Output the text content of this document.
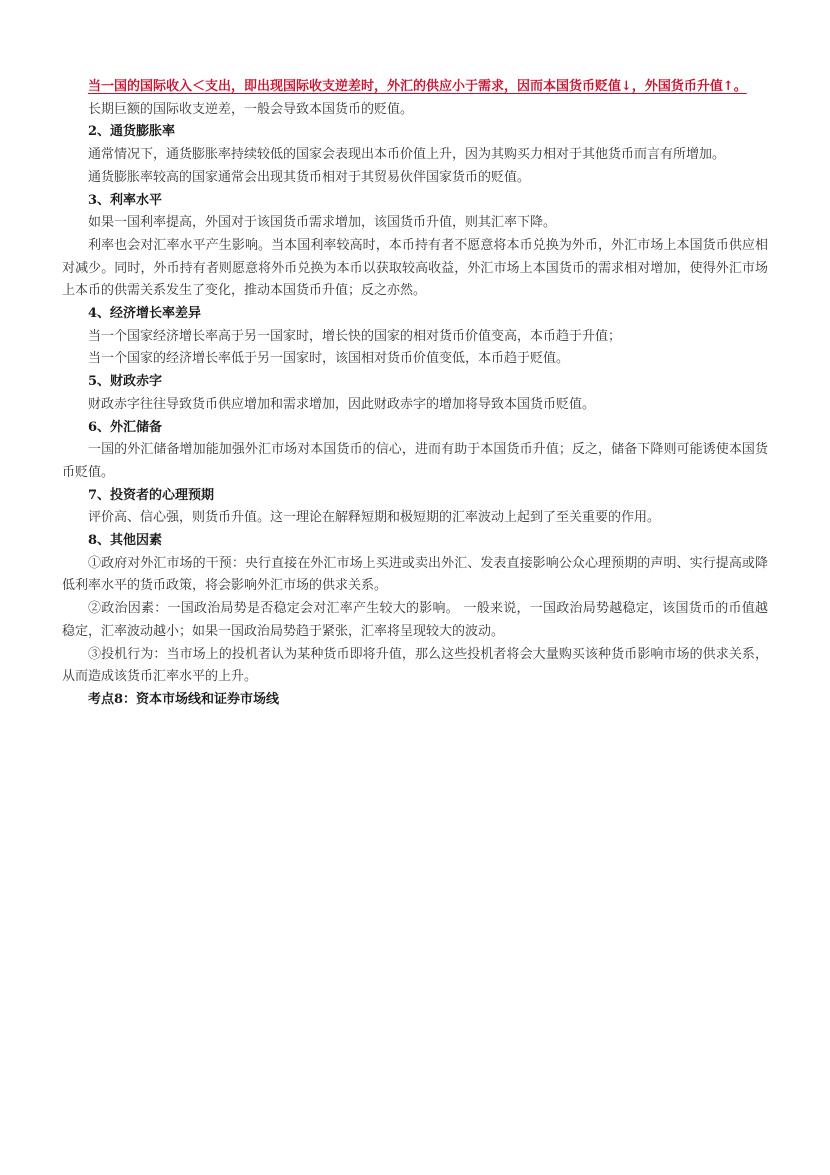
当一国的国际收入＜支出，即出现国际收支逆差时，外汇的供应小于需求，因而本国货币贬值↓，外国货币升值↑。

长期巨额的国际收支逆差，一般会导致本国货币的贬值。

2、通货膨胀率

通常情况下，通货膨胀率持续较低的国家会表现出本币价值上升，因为其购买力相对于其他货币而言有所增加。

通货膨胀率较高的国家通常会出现其货币相对于其贸易伙伴国家货币的贬值。

3、利率水平

如果一国利率提高，外国对于该国货币需求增加，该国货币升值，则其汇率下降。

利率也会对汇率水平产生影响。当本国利率较高时，本币持有者不愿意将本币兑换为外币，外汇市场上本国货币供应相对减少。同时，外币持有者则愿意将外币兑换为本币以获取较高收益，外汇市场上本国货币的需求相对增加，使得外汇市场上本币的供需关系发生了变化，推动本国货币升值；反之亦然。

4、经济增长率差异

当一个国家经济增长率高于另一国家时，增长快的国家的相对货币价值变高，本币趋于升值；

当一个国家的经济增长率低于另一国家时，该国相对货币价值变低，本币趋于贬值。

5、财政赤字

财政赤字往往导致货币供应增加和需求增加，因此财政赤字的增加将导致本国货币贬值。

6、外汇储备

一国的外汇储备增加能加强外汇市场对本国货币的信心，进而有助于本国货币升值；反之，储备下降则可能诱使本国货币贬值。

7、投资者的心理预期

评价高、信心强，则货币升值。这一理论在解释短期和极短期的汇率波动上起到了至关重要的作用。

8、其他因素

①政府对外汇市场的干预：央行直接在外汇市场上买进或卖出外汇、发表直接影响公众心理预期的声明、实行提高或降低利率水平的货币政策，将会影响外汇市场的供求关系。

②政治因素：一国政治局势是否稳定会对汇率产生较大的影响。 一般来说，一国政治局势越稳定，该国货币的币值越稳定，汇率波动越小；如果一国政治局势趋于紧张，汇率将呈现较大的波动。

③投机行为：当市场上的投机者认为某种货币即将升值，那么这些投机者将会大量购买该种货币影响市场的供求关系，从而造成该货币汇率水平的上升。

考点8：资本市场线和证券市场线
